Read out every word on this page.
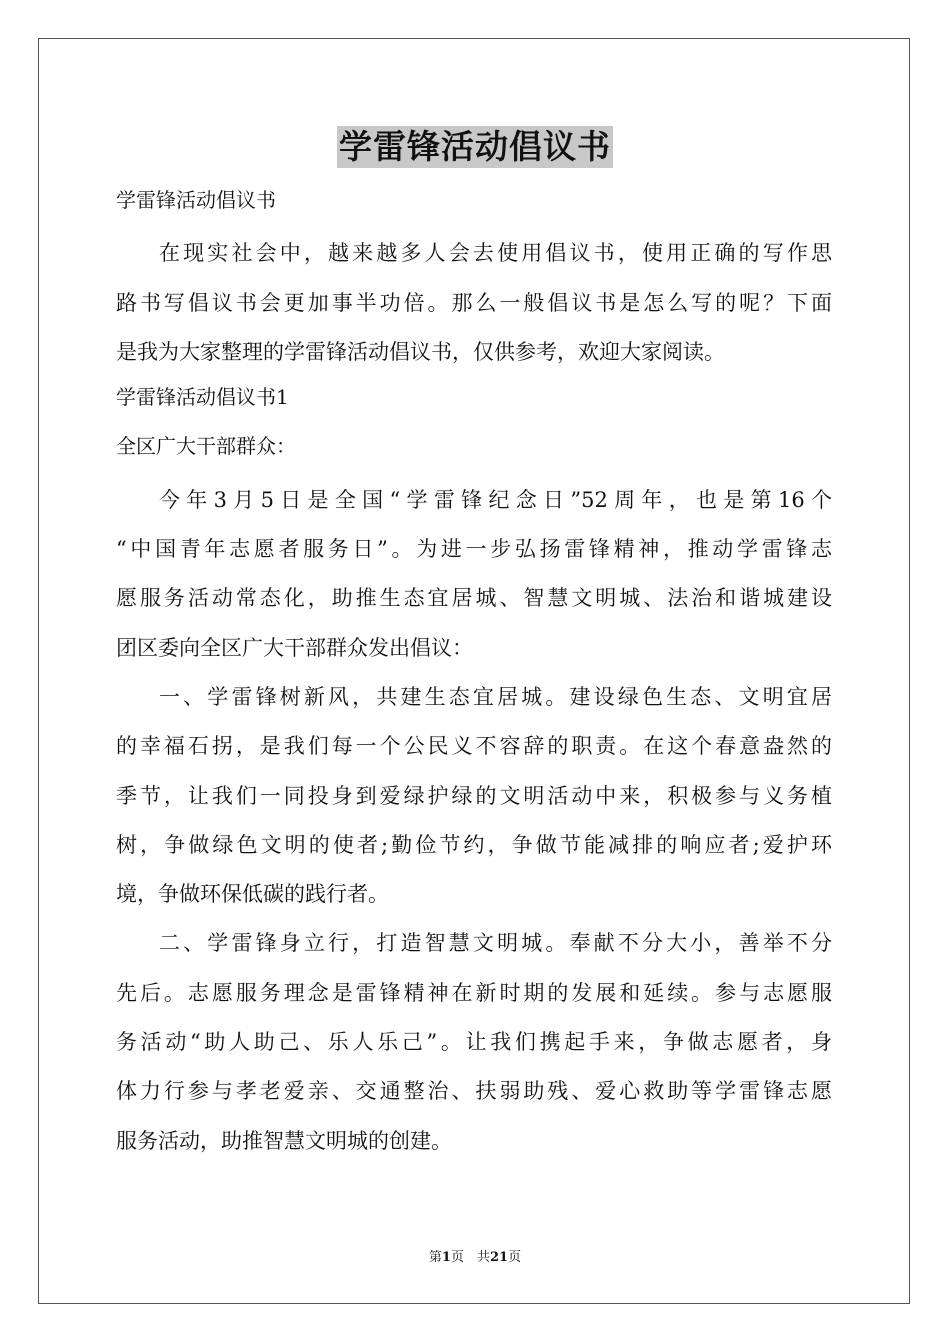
学雷锋活动倡议书
学雷锋活动倡议书
在现实社会中，越来越多人会去使用倡议书，使用正确的写作思
路书写倡议书会更加事半功倍。那么一般倡议书是怎么写的呢？下面
是我为大家整理的学雷锋活动倡议书，仅供参考，欢迎大家阅读。
学雷锋活动倡议书1
全区广大干部群众：
今年3月5日是全国“学雷锋纪念日”52周年，也是第16个
“中国青年志愿者服务日”。为进一步弘扬雷锋精神，推动学雷锋志
愿服务活动常态化，助推生态宜居城、智慧文明城、法治和谐城建设
团区委向全区广大干部群众发出倡议：
一、学雷锋树新风，共建生态宜居城。建设绿色生态、文明宜居
的幸福石拐，是我们每一个公民义不容辞的职责。在这个春意盎然的
季节，让我们一同投身到爱绿护绿的文明活动中来，积极参与义务植
树，争做绿色文明的使者;勤俭节约，争做节能减排的响应者;爱护环
境，争做环保低碳的践行者。
二、学雷锋身立行，打造智慧文明城。奉献不分大小，善举不分
先后。志愿服务理念是雷锋精神在新时期的发展和延续。参与志愿服
务活动“助人助己、乐人乐己”。让我们携起手来，争做志愿者，身
体力行参与孝老爱亲、交通整治、扶弱助残、爱心救助等学雷锋志愿
服务活动，助推智慧文明城的创建。
第1页　共21页
